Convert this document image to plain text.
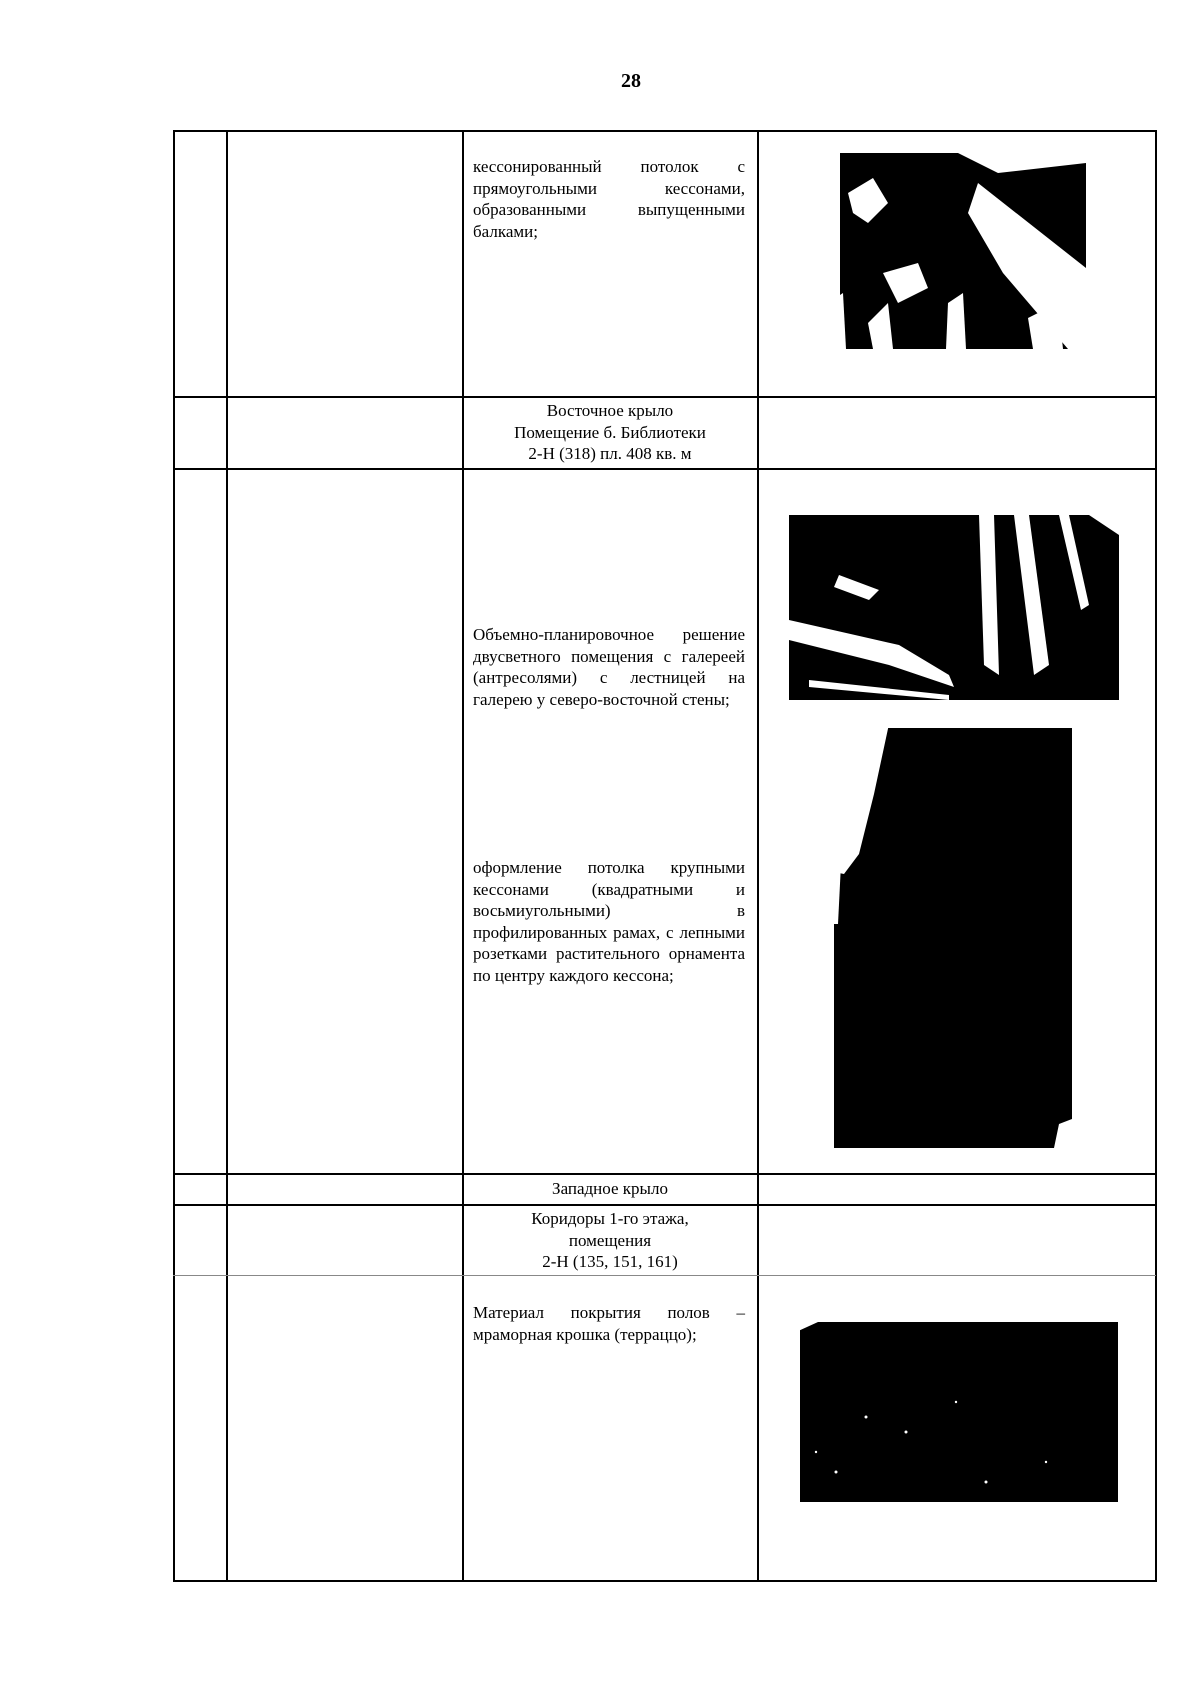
28
кессонированный потолок с прямоугольными кессонами, образованными выпущенными балками;
Восточное крыло
Помещение б. Библиотеки
2-Н (318) пл. 408 кв. м
Объемно-планировочное решение двусветного помещения с галереей (антресолями) с лестницей на галерею у северо-восточной стены;
оформление потолка крупными кессонами (квадратными и восьмиугольными) в профилированных рамах, с лепными розетками растительного орнамента по центру каждого кессона;
Западное крыло
Коридоры 1-го этажа,
помещения
2-Н (135, 151, 161)
Материал покрытия полов – мраморная крошка (терраццо);
